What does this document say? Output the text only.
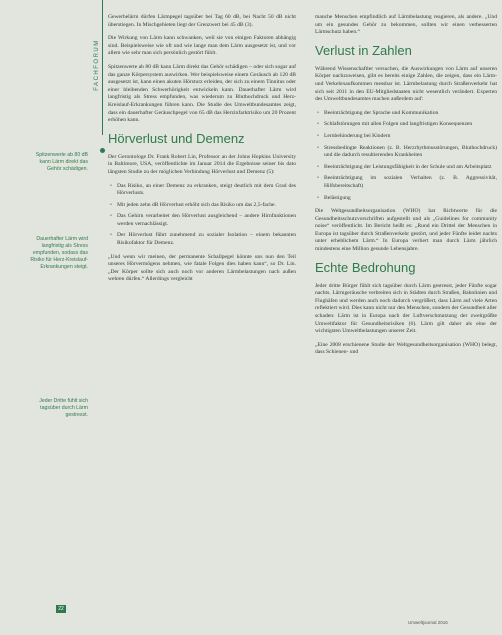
Spitzenwerte ab 80 dB kann Lärm direkt das Gehör schädigen.
Dauerhafter Lärm wird langfristig als Stress empfunden, sodass das Risiko für Herz-Kreislauf-Erkrankungen steigt.
Jeder Dritte fühlt sich tagsüber durch Lärm gestresst.
FACHFORUM

Gewerbelärm dürfen Lärmpegel tagsüber bei Tag 60 dB, bei Nacht 50 dB nicht überstiegen. In Mischgebieten liegt der Grenzwert bei 45 dB (3).

Die Wirkung von Lärm kann schwanken, weil sie von einigen Faktoren abhängig sind. Beispielsweise wie oft und wie lange man dem Lärm ausgesetzt ist, und vor allem wie sehr man sich persönlich gestört fühlt.

Spitzenwerte ab 80 dB kann Lärm direkt das Gehör schädigen – oder sich sogar auf das ganze Körpersystem auswirken. Wer beispielsweise einem Geräusch ab 120 dB ausgesetzt ist, kann einen akuten Hörsturz erleiden, der sich zu einem Tinnitus oder einer bleibenden Schwerhörigkeit entwickeln kann. Dauerhafter Lärm wird langfristig als Stress empfunden, was wiederum zu Bluthochdruck und Herz-Kreislauf-Erkrankungen führen kann. Die Studie des Umweltbundesamtes zeigt, dass ein dauerhafter Geräuschpegel von 65 dB das Herzinfarktrisiko um 20 Prozent erhöhen kann.

Hörverlust und Demenz

Der Gerontologe Dr. Frank Robert Lin, Professor an der Johns Hopkins University in Baltimore, USA, veröffentlichte im Januar 2014 die Ergebnisse seiner bis dato längsten Studie zu der möglichen Verbindung Hörverlust und Demenz (5):

• Das Risiko, an einer Demenz zu erkranken, steigt deutlich mit dem Grad des Hörverlusts.
• Mit jeden zehn dB Hörverlust erhöht sich das Risiko um das 2,5-fache.
• Das Gehirn verarbeitet den Hörverlust ausgleichend – andere Hirnfunktionen werden vernachlässigt.
• Der Hörverlust führt zunehmend zu sozialer Isolation – einem bekannten Risikofaktor für Demenz.

„Und wenn wir meinen, der permanente Schallpegel könnte uns nun den Teil unseres Hörvermögens nehmen, wie fatale Folgen dies haben kann“, so Dr. Lin. „Der Körper sollte sich auch noch vor anderen Lärmbelastungen nach außen wehren dürfen.“ Allerdings vergleicht

manche Menschen empfindlich auf Lärmbelastung reagieren, als andere. „Und um ein gesundes Gehör zu bekommen, sollten wir einen verbesserten Lärmschutz haben.“

Verlust in Zahlen

Während Wissenschaftler versuchen, die Auswirkungen von Lärm auf unseren Körper nachzuweisen, gibt es bereits einige Zahlen, die zeigen, dass ein Lärm- und Verkehrsaufkommen messbar ist. Lärmbelastung durch Straßenverkehr hat sich seit 2011 in den EU-Mitgliedstaaten nicht wesentlich verändert. Experten des Umweltbundesamtes machen außerdem auf:

• Beeinträchtigung der Sprache und Kommunikation
• Schlafstörungen mit allen Folgen und langfristigen Konsequenzen
• Lernbehinderung bei Kindern
• Stressbedingte Reaktionen (z. B. Herzrhythmusstörungen, Bluthochdruck) und die dadurch resultierenden Krankheiten
• Beeinträchtigung der Leistungsfähigkeit in der Schule und am Arbeitsplatz
• Beeinträchtigung im sozialen Verhalten (z. B. Aggressivität, Hilfsbereitschaft)
• Belästigung

Die Weltgesundheitsorganisation (WHO) hat Richtwerte für die Gesundheitsschutzvorschriften aufgestellt und als „Guidelines for community noise“ veröffentlicht. Im Bericht heißt es: „Rund ein Drittel der Menschen in Europa ist tagsüber durch Straßenverkehr gestört, und jeder Fünfte leidet nachts unter erheblichem Lärm.“ In Europa verliert man durch Lärm jährlich mindestens eine Million gesunde Lebensjahre.

Echte Bedrohung

Jeder dritte Bürger fühlt sich tagsüber durch Lärm gestresst, jeder Fünfte sogar nachts. Lärmgeräusche verbreiten sich in Städten durch Straßen, Bahnlinien und Flughäfen und werden auch noch dadurch vergrößert, dass Lärm auf viele Arten reflektiert wird. Dies kann nicht nur den Menschen, sondern der Gesundheit aller schaden: Lärm ist in Europa nach der Luftverschmutzung der zweitgrößte Umweltfaktor für Gesundheitsrisiken (6). Lärm gilt daher als eine der wichtigsten Umweltbelastungen unserer Zeit.

„Eine 2008 erschienene Studie der Weltgesundheitsorganisation (WHO) belegt, dass Schienen- und

22
Umweltjournal 2016
